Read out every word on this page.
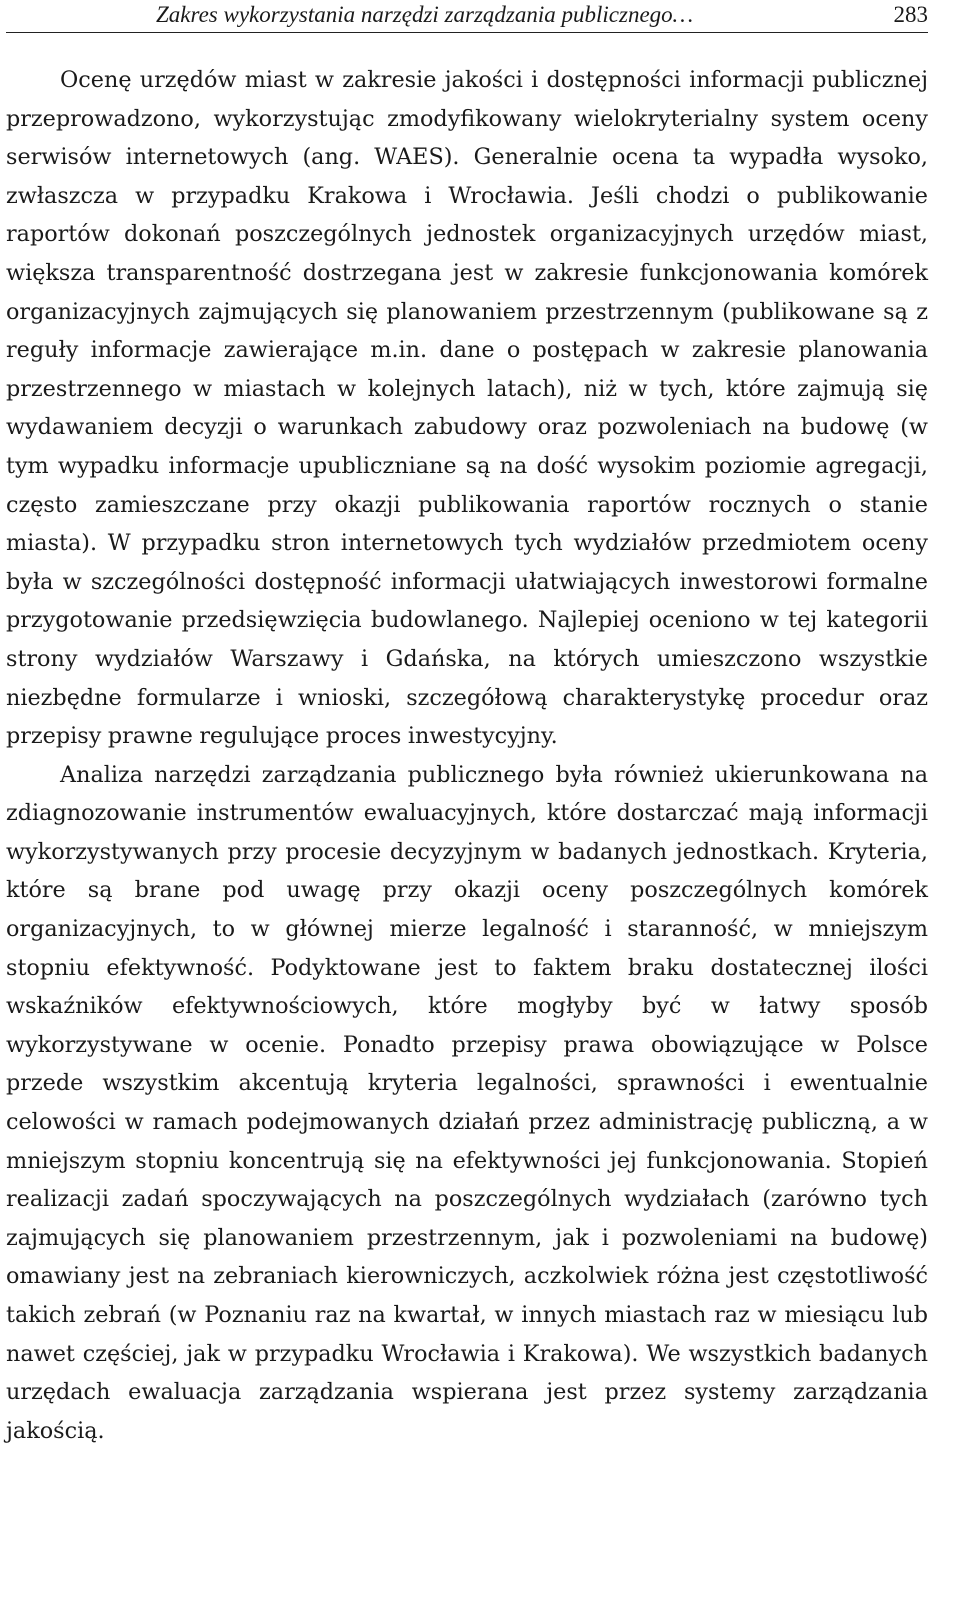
Zakres wykorzystania narzędzi zarządzania publicznego…	283

Ocenę urzędów miast w zakresie jakości i dostępności informacji publicznej przeprowadzono, wykorzystując zmodyfikowany wielokryterialny system oceny serwisów internetowych (ang. WAES). Generalnie ocena ta wypadła wysoko, zwłaszcza w przypadku Krakowa i Wrocławia. Jeśli chodzi o publikowanie raportów dokonań poszczególnych jednostek organizacyjnych urzędów miast, większa transparentność dostrzegana jest w zakresie funkcjonowania komórek organizacyjnych zajmujących się planowaniem przestrzennym (publikowane są z reguły informacje zawierające m.in. dane o postępach w zakresie planowania przestrzennego w miastach w kolejnych latach), niż w tych, które zajmują się wydawaniem decyzji o warunkach zabudowy oraz pozwoleniach na budowę (w tym wypadku informacje upubliczniane są na dość wysokim poziomie agregacji, często zamieszczane przy okazji publikowania raportów rocznych o stanie miasta). W przypadku stron internetowych tych wydziałów przedmiotem oceny była w szczególności dostępność informacji ułatwiających inwestorowi formalne przygotowanie przedsięwzięcia budowlanego. Najlepiej oceniono w tej kategorii strony wydziałów Warszawy i Gdańska, na których umieszczono wszystkie niezbędne formularze i wnioski, szczegółową charakterystykę procedur oraz przepisy prawne regulujące proces inwestycyjny.

Analiza narzędzi zarządzania publicznego była również ukierunkowana na zdiagnozowanie instrumentów ewaluacyjnych, które dostarczać mają informacji wykorzystywanych przy procesie decyzyjnym w badanych jednostkach. Kryteria, które są brane pod uwagę przy okazji oceny poszczególnych komórek organizacyjnych, to w głównej mierze legalność i staranność, w mniejszym stopniu efektywność. Podyktowane jest to faktem braku dostatecznej ilości wskaźników efektywnościowych, które mogłyby być w łatwy sposób wykorzystywane w ocenie. Ponadto przepisy prawa obowiązujące w Polsce przede wszystkim akcentują kryteria legalności, sprawności i ewentualnie celowości w ramach podejmowanych działań przez administrację publiczną, a w mniejszym stopniu koncentrują się na efektywności jej funkcjonowania. Stopień realizacji zadań spoczywających na poszczególnych wydziałach (zarówno tych zajmujących się planowaniem przestrzennym, jak i pozwoleniami na budowę) omawiany jest na zebraniach kierowniczych, aczkolwiek różna jest częstotliwość takich zebrań (w Poznaniu raz na kwartał, w innych miastach raz w miesiącu lub nawet częściej, jak w przypadku Wrocławia i Krakowa). We wszystkich badanych urzędach ewaluacja zarządzania wspierana jest przez systemy zarządzania jakością.
